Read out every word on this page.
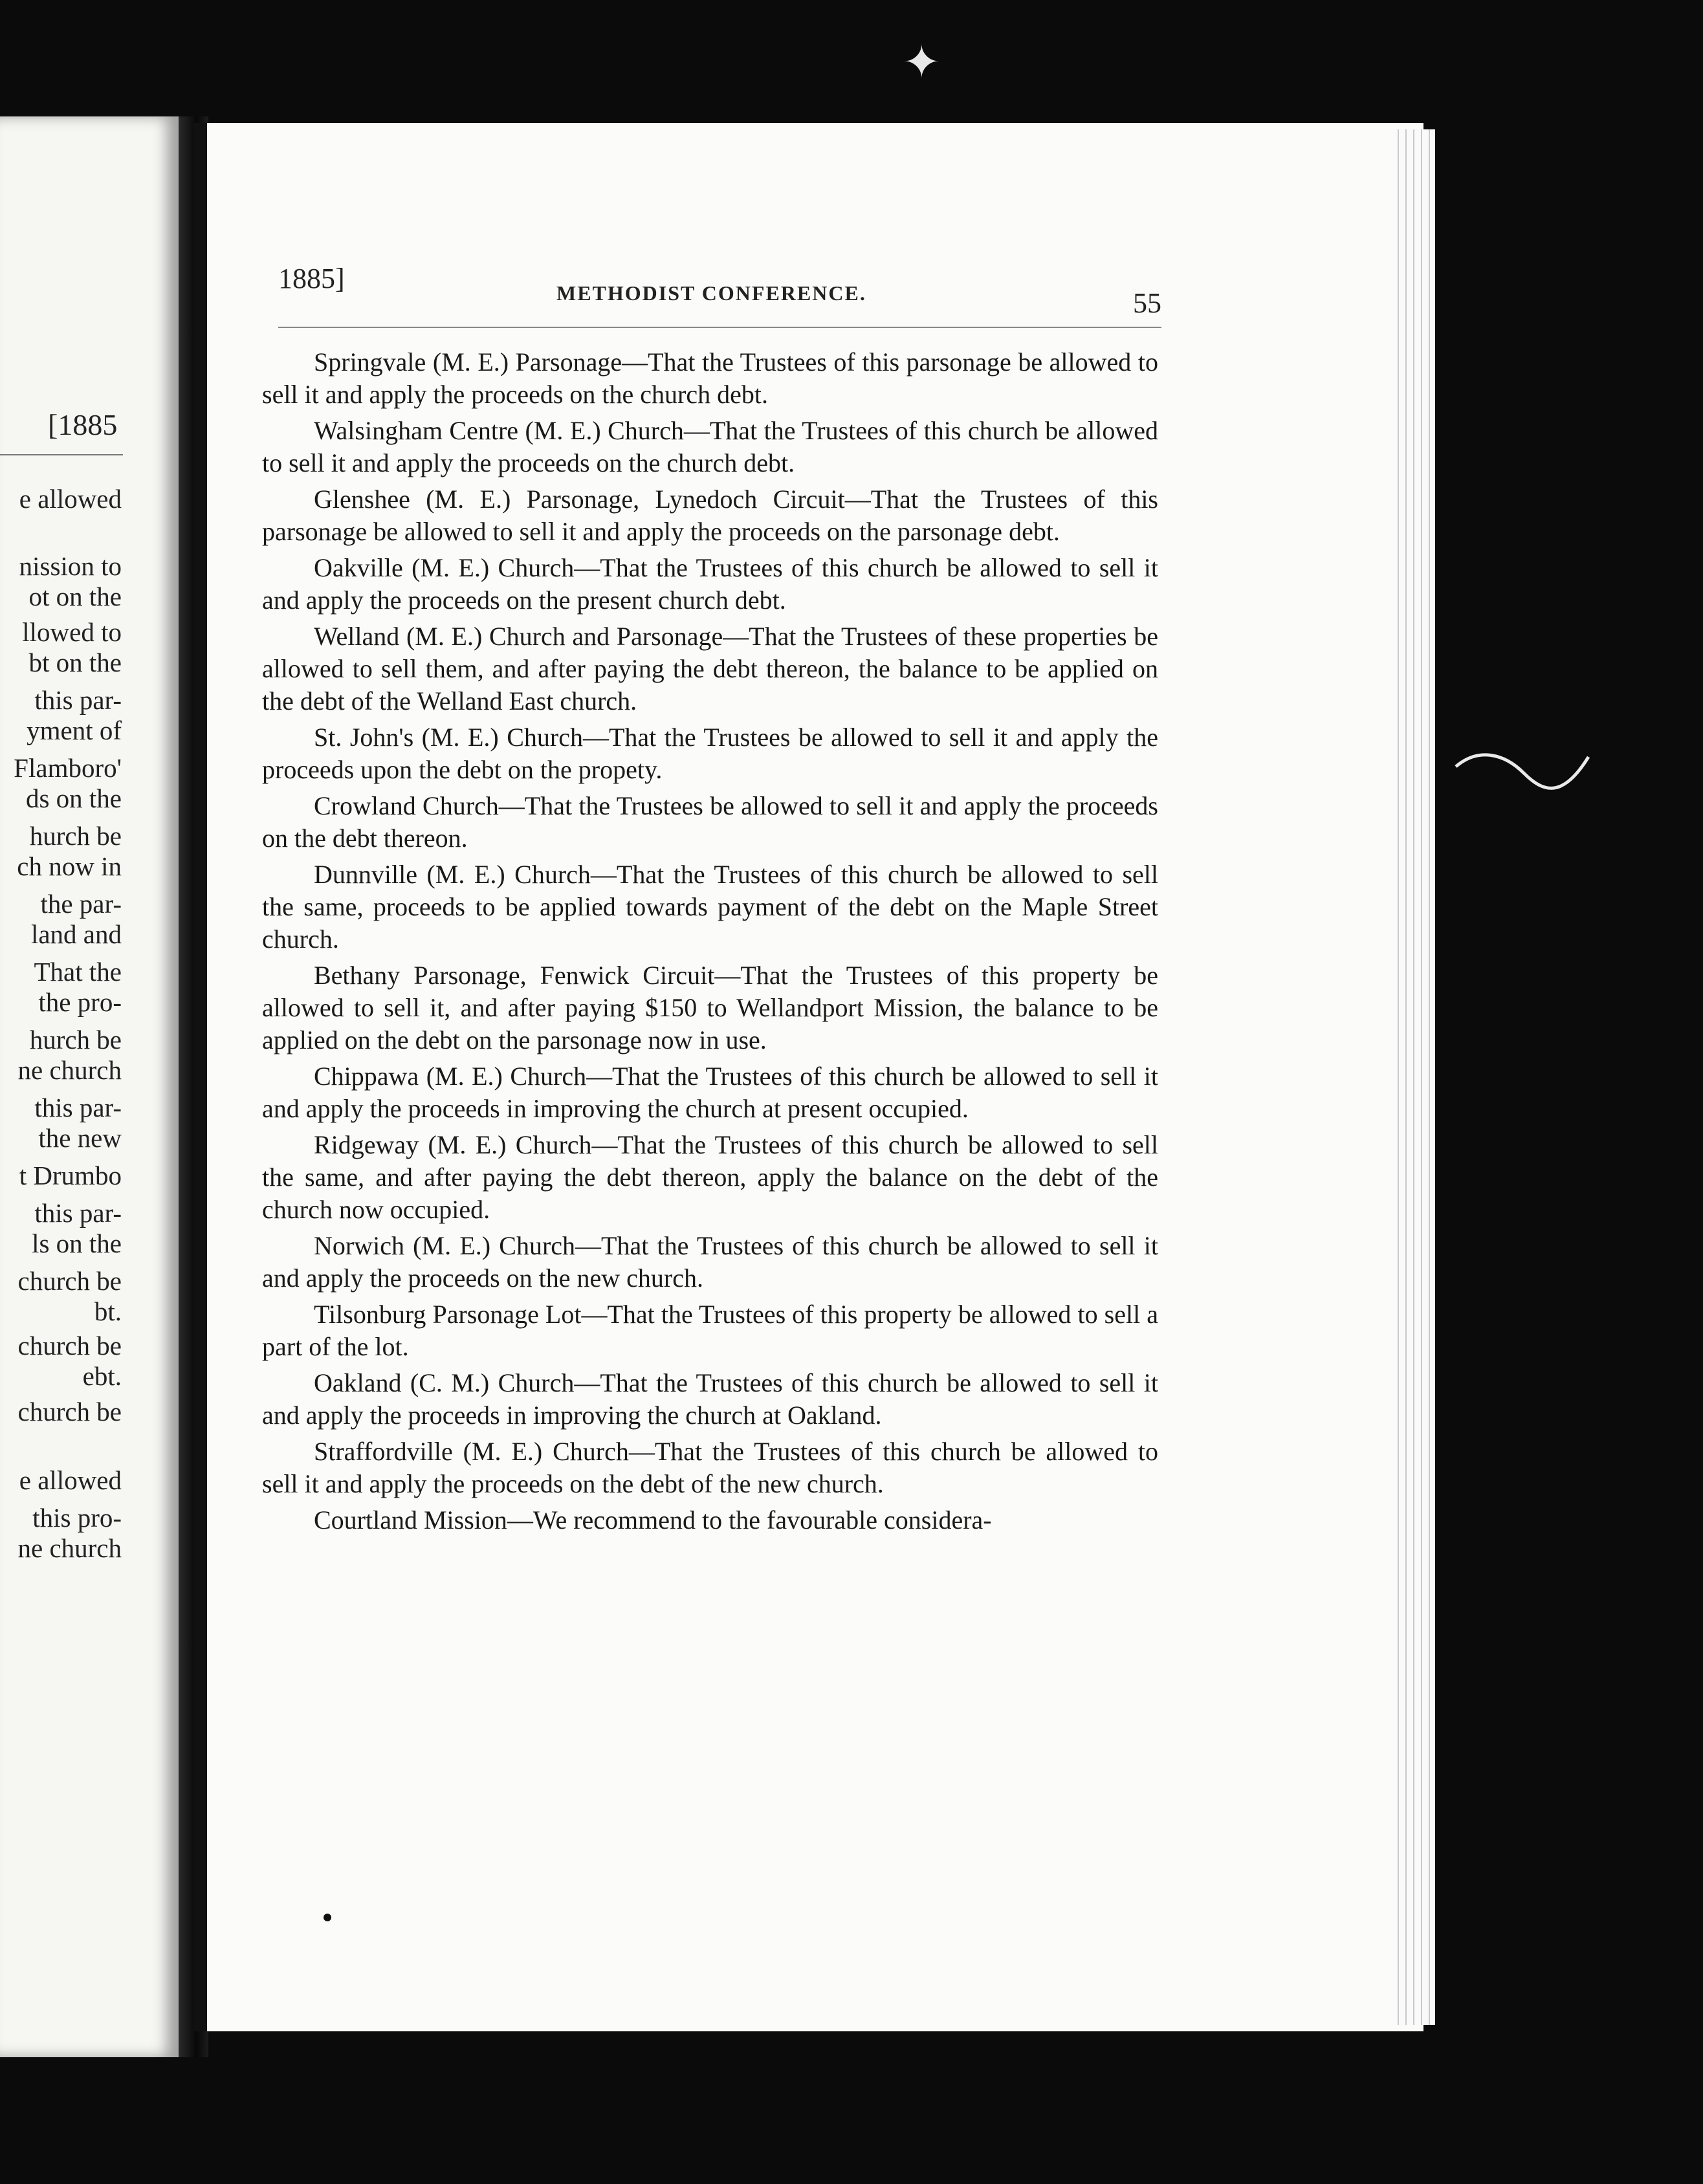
[1885
e allowed
nission to
ot on the
llowed to
bt on the
this par-
yment of
Flamboro'
ds on the
hurch be
ch now in
the par-
land and
That the
the pro-
hurch be
ne church
this par-
the new
t Drumbo
this par-
ls on the
church be
bt.
church be
ebt.
church be
e allowed
this pro-
ne church
1885]	METHODIST CONFERENCE.	55

Springvale (M. E.) Parsonage—That the Trustees of this parsonage be allowed to sell it and apply the proceeds on the church debt.

Walsingham Centre (M. E.) Church—That the Trustees of this church be allowed to sell it and apply the proceeds on the church debt.

Glenshee (M. E.) Parsonage, Lynedoch Circuit—That the Trustees of this parsonage be allowed to sell it and apply the proceeds on the parsonage debt.

Oakville (M. E.) Church—That the Trustees of this church be allowed to sell it and apply the proceeds on the present church debt.

Welland (M. E.) Church and Parsonage—That the Trustees of these properties be allowed to sell them, and after paying the debt thereon, the balance to be applied on the debt of the Welland East church.

St. John's (M. E.) Church—That the Trustees be allowed to sell it and apply the proceeds upon the debt on the propety.

Crowland Church—That the Trustees be allowed to sell it and apply the proceeds on the debt thereon.

Dunnville (M. E.) Church—That the Trustees of this church be allowed to sell the same, proceeds to be applied towards payment of the debt on the Maple Street church.

Bethany Parsonage, Fenwick Circuit—That the Trustees of this property be allowed to sell it, and after paying $150 to Wellandport Mission, the balance to be applied on the debt on the parsonage now in use.

Chippawa (M. E.) Church—That the Trustees of this church be allowed to sell it and apply the proceeds in improving the church at present occupied.

Ridgeway (M. E.) Church—That the Trustees of this church be allowed to sell the same, and after paying the debt thereon, apply the balance on the debt of the church now occupied.

Norwich (M. E.) Church—That the Trustees of this church be allowed to sell it and apply the proceeds on the new church.

Tilsonburg Parsonage Lot—That the Trustees of this property be allowed to sell a part of the lot.

Oakland (C. M.) Church—That the Trustees of this church be allowed to sell it and apply the proceeds in improving the church at Oakland.

Straffordville (M. E.) Church—That the Trustees of this church be allowed to sell it and apply the proceeds on the debt of the new church.

Courtland Mission—We recommend to the favourable considera-

✦
